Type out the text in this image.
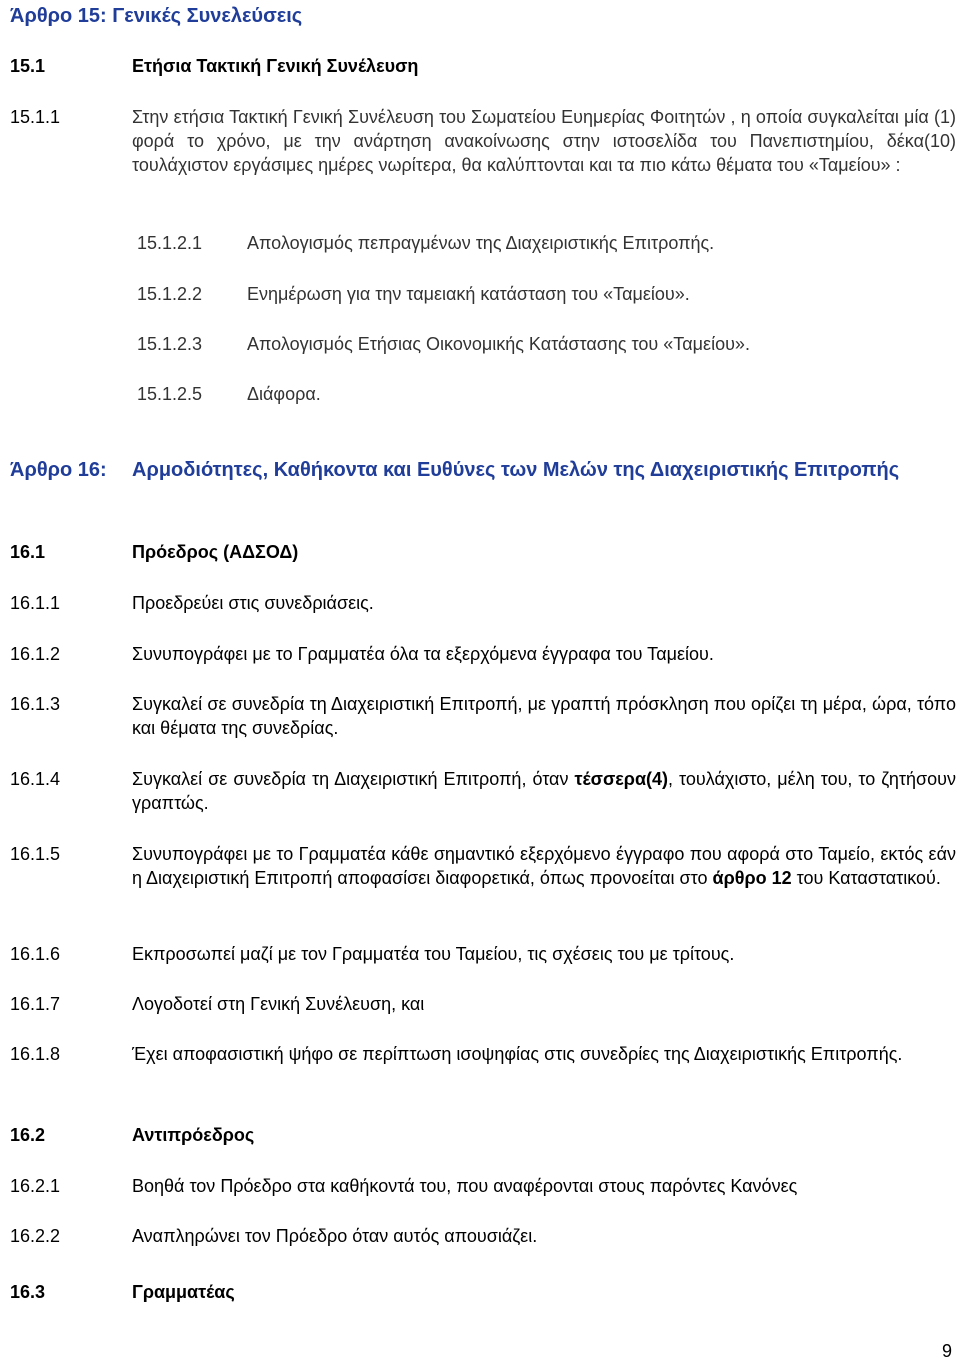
Άρθρο 15: Γενικές Συνελεύσεις
15.1	Ετήσια Τακτική Γενική Συνέλευση
15.1.1	Στην ετήσια Τακτική Γενική Συνέλευση του Σωματείου Ευημερίας Φοιτητών , η οποία συγκαλείται μία (1) φορά το χρόνο, με την ανάρτηση ανακοίνωσης στην ιστοσελίδα του Πανεπιστημίου, δέκα(10) τουλάχιστον εργάσιμες ημέρες νωρίτερα, θα καλύπτονται και τα πιο κάτω θέματα του «Ταμείου» :
15.1.2.1	Απολογισμός πεπραγμένων της Διαχειριστικής Επιτροπής.
15.1.2.2	Ενημέρωση για την ταμειακή κατάσταση του «Ταμείου».
15.1.2.3	Απολογισμός Ετήσιας Οικονομικής Κατάστασης του «Ταμείου».
15.1.2.5	Διάφορα.
Άρθρο 16:	Αρμοδιότητες, Καθήκοντα και Ευθύνες των Μελών της Διαχειριστικής Επιτροπής
16.1	Πρόεδρος (ΑΔΣΟΔ)
16.1.1	Προεδρεύει στις συνεδριάσεις.
16.1.2	Συνυπογράφει με το Γραμματέα όλα τα εξερχόμενα έγγραφα του Ταμείου.
16.1.3	Συγκαλεί σε συνεδρία τη Διαχειριστική Επιτροπή, με γραπτή πρόσκληση που ορίζει τη μέρα, ώρα, τόπο και θέματα της συνεδρίας.
16.1.4	Συγκαλεί σε συνεδρία τη Διαχειριστική Επιτροπή, όταν τέσσερα(4), τουλάχιστο, μέλη του, το ζητήσουν γραπτώς.
16.1.5	Συνυπογράφει με το Γραμματέα κάθε σημαντικό εξερχόμενο έγγραφο που αφορά στο Ταμείο, εκτός εάν η Διαχειριστική Επιτροπή αποφασίσει διαφορετικά, όπως προνοείται στο άρθρο 12 του Καταστατικού.
16.1.6	Εκπροσωπεί μαζί με τον Γραμματέα του Ταμείου, τις σχέσεις του με τρίτους.
16.1.7	Λογοδοτεί στη Γενική Συνέλευση, και
16.1.8	Έχει αποφασιστική ψήφο σε περίπτωση ισοψηφίας στις συνεδρίες της Διαχειριστικής Επιτροπής.
16.2	Αντιπρόεδρος
16.2.1	Βοηθά τον Πρόεδρο στα καθήκοντά του, που αναφέρονται στους παρόντες Κανόνες
16.2.2	Αναπληρώνει τον Πρόεδρο όταν αυτός απουσιάζει.
16.3	Γραμματέας
9
